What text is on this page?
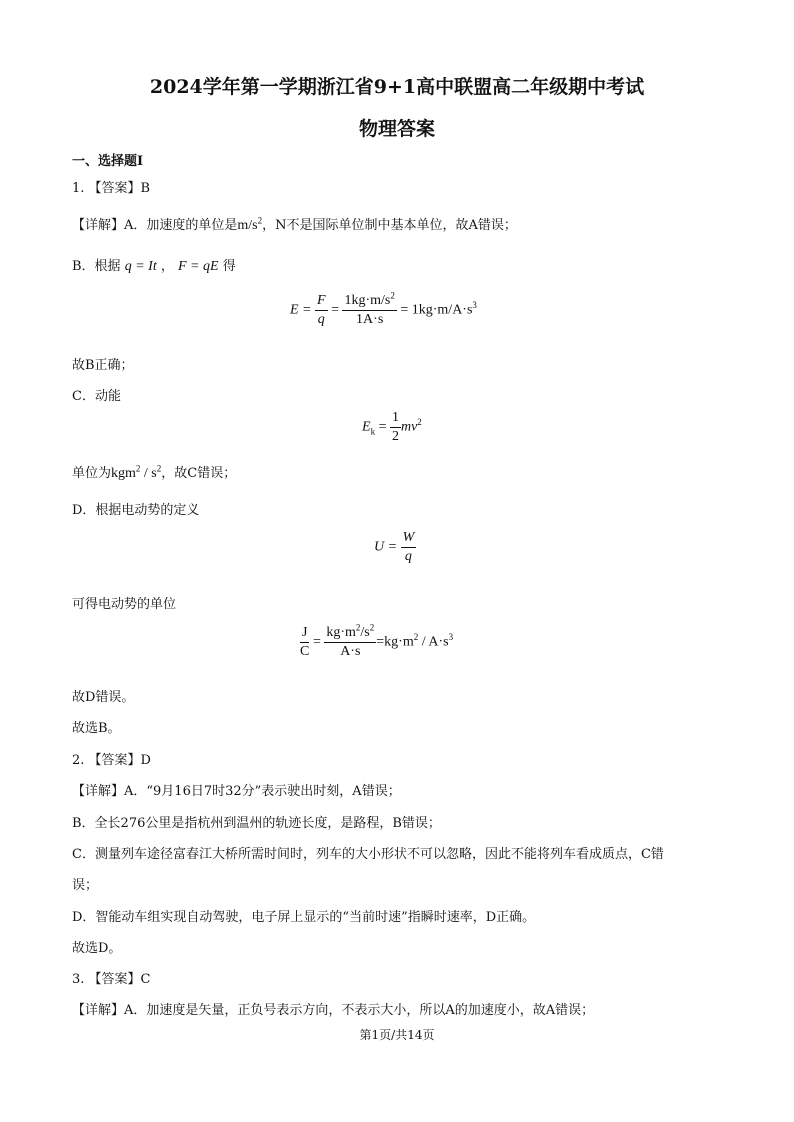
2024学年第一学期浙江省9+1高中联盟高二年级期中考试
物理答案
一、选择题I
1. 【答案】B
【详解】A．加速度的单位是$m/s^2$，N不是国际单位制中基本单位，故A错误；
B．根据 q = It ， F = qE 得
$E = \frac{F}{q} = \frac{1kg\cdot m/s^2}{1A\cdot s} = 1kg\cdot m/A\cdot s^3$
故B正确；
C．动能
$E_k = \frac{1}{2} mv^2$
单位为$kgm^2 / s^2$，故C错误；
D．根据电动势的定义
$U = \frac{W}{q}$
可得电动势的单位
$\frac{J}{C} = \frac{kg\cdot m^2/s^2}{A\cdot s} =kg\cdot m^2 / A\cdot s^3$
故D错误。
故选B。
2. 【答案】D
【详解】A．“9月16日7时32分”表示驶出时刻，A错误；
B．全长276公里是指杭州到温州的轨迹长度，是路程，B错误；
C．测量列车途径富春江大桥所需时间时，列车的大小形状不可以忽略，因此不能将列车看成质点，C错
误；
D．智能动车组实现自动驾驶，电子屏上显示的“当前时速”指瞬时速率，D正确。
故选D。
3. 【答案】C
【详解】A．加速度是矢量，正负号表示方向，不表示大小，所以A的加速度小，故A错误；
第1页/共14页
